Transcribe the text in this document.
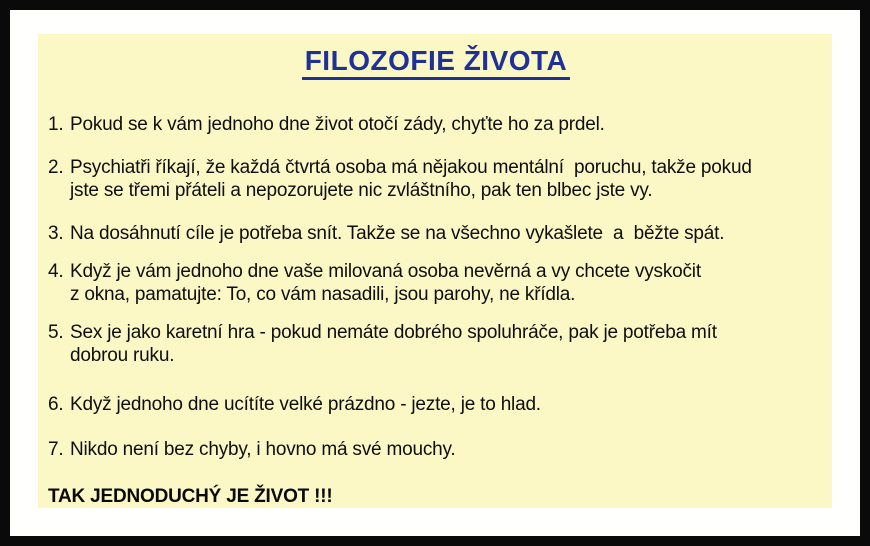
FILOZOFIE ŽIVOTA
1. Pokud se k vám jednoho dne život otočí zády, chyťte ho za prdel.
2. Psychiatři říkají, že každá čtvrtá osoba má nějakou mentální  poruchu, takže pokud
jste se třemi přáteli a nepozorujete nic zvláštního, pak ten blbec jste vy.
3. Na dosáhnutí cíle je potřeba snít. Takže se na všechno vykašlete  a  běžte spát.
4. Když je vám jednoho dne vaše milovaná osoba nevěrná a vy chcete vyskočit
z okna, pamatujte: To, co vám nasadili, jsou parohy, ne křídla.
5. Sex je jako karetní hra - pokud nemáte dobrého spoluhráče, pak je potřeba mít
dobrou ruku.
6. Když jednoho dne ucítíte velké prázdno - jezte, je to hlad.
7. Nikdo není bez chyby, i hovno má své mouchy.
TAK JEDNODUCHÝ JE ŽIVOT !!!
